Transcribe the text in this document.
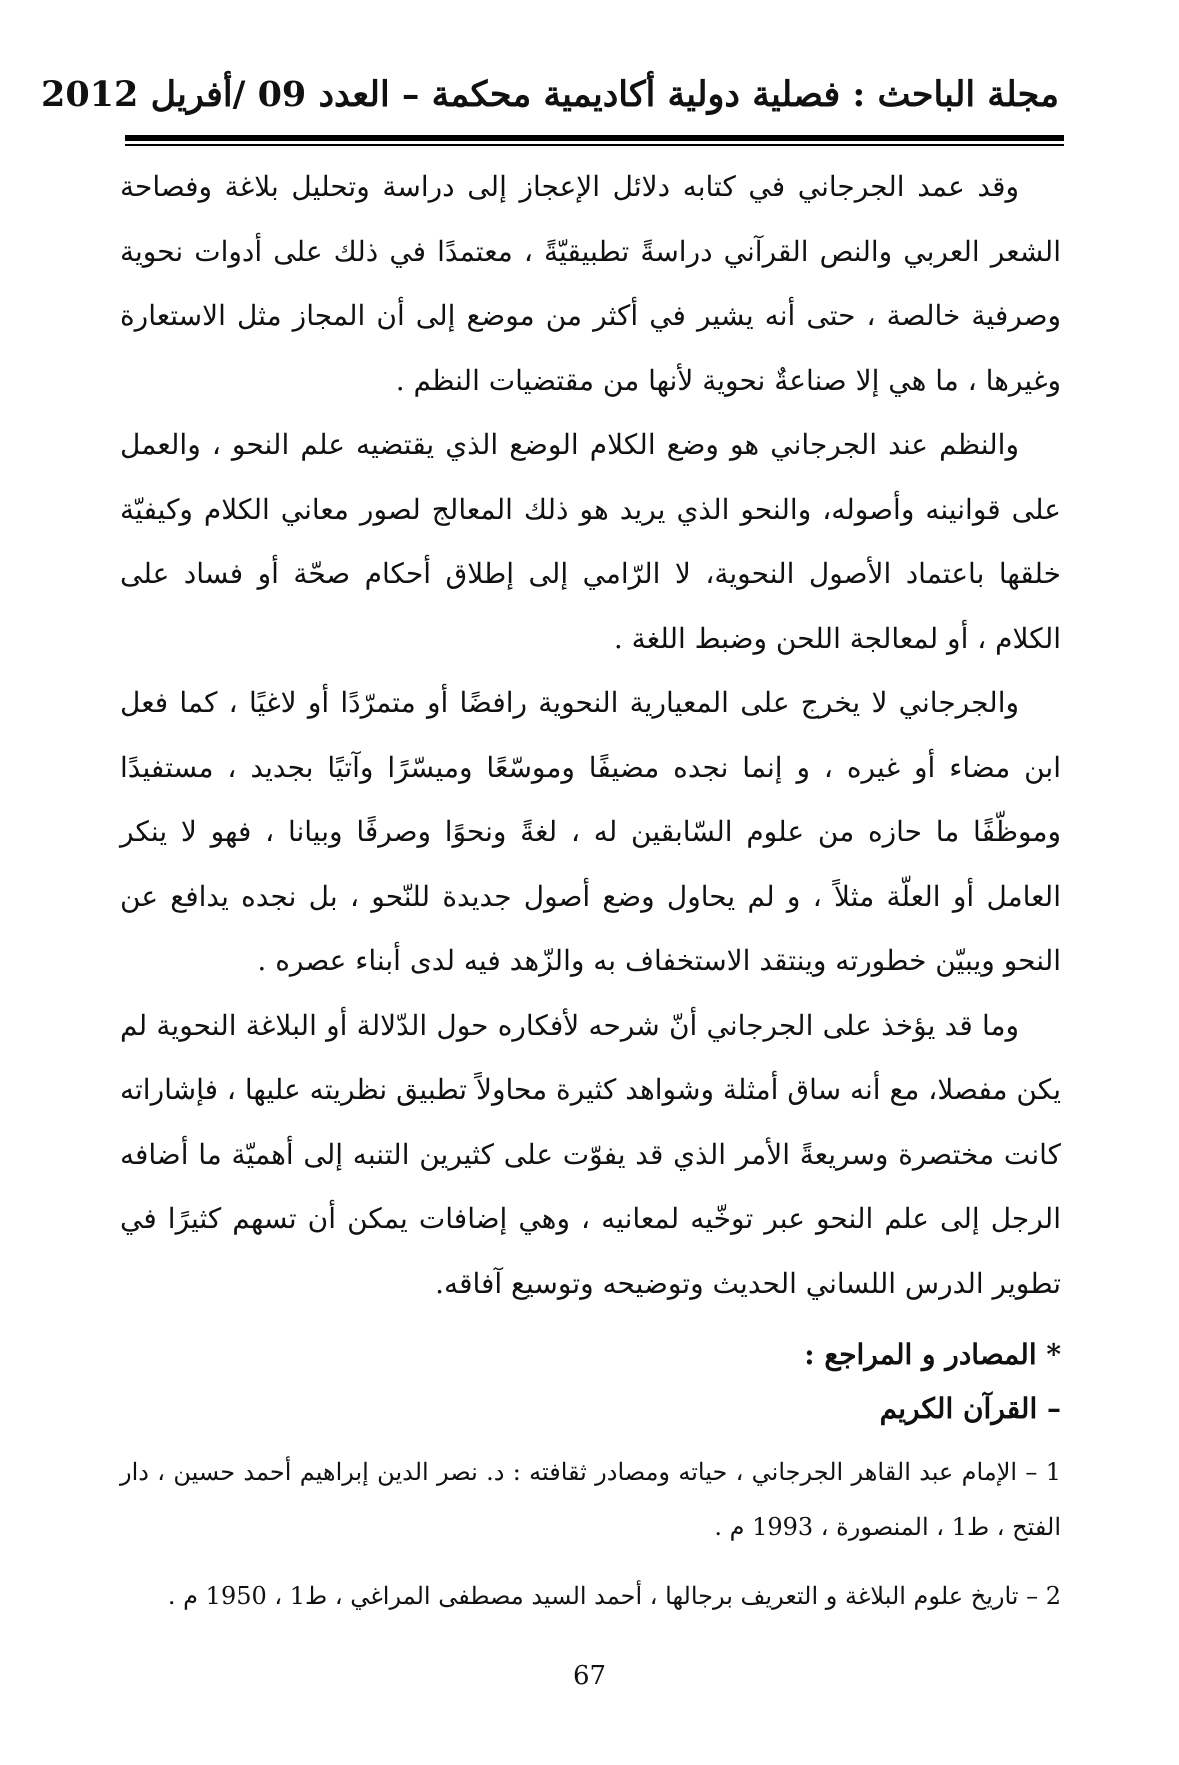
مجلة الباحث : فصلية دولية أكاديمية محكمة – العدد 09 /أفريل 2012

وقد عمد الجرجاني في كتابه دلائل الإعجاز إلى دراسة وتحليل بلاغة وفصاحة الشعر العربي والنص القرآني دراسةً تطبيقيّةً ، معتمدًا في ذلك على أدوات نحوية وصرفية خالصة ، حتى أنه يشير في أكثر من موضع إلى أن المجاز مثل الاستعارة وغيرها ، ما هي إلا صناعةٌ نحوية لأنها من مقتضيات النظم .

والنظم عند الجرجاني هو وضع الكلام الوضع الذي يقتضيه علم النحو ، والعمل على قوانينه وأصوله، والنحو الذي يريد هو ذلك المعالج لصور معاني الكلام وكيفيّة خلقها باعتماد الأصول النحوية، لا الرّامي إلى إطلاق أحكام صحّة أو فساد على الكلام ، أو لمعالجة اللحن وضبط اللغة .

والجرجاني لا يخرج على المعيارية النحوية رافضًا أو متمرّدًا أو لاغيًا ، كما فعل ابن مضاء أو غيره ، و إنما نجده مضيفًا وموسّعًا وميسّرًا وآتيًا بجديد ، مستفيدًا وموظّفًا ما حازه من علوم السّابقين له ، لغةً ونحوًا وصرفًا وبيانا ، فهو لا ينكر العامل أو العلّة مثلاً ، و لم يحاول وضع أصول جديدة للنّحو ، بل نجده يدافع عن النحو ويبيّن خطورته وينتقد الاستخفاف به والزّهد فيه لدى أبناء عصره .

وما قد يؤخذ على الجرجاني أنّ شرحه لأفكاره حول الدّلالة أو البلاغة النحوية لم يكن مفصلا، مع أنه ساق أمثلة وشواهد كثيرة محاولاً تطبيق نظريته عليها ، فإشاراته كانت مختصرة وسريعةً الأمر الذي قد يفوّت على كثيرين التنبه إلى أهميّة ما أضافه الرجل إلى علم النحو عبر توخّيه لمعانيه ، وهي إضافات يمكن أن تسهم كثيرًا في تطوير الدرس اللساني الحديث وتوضيحه وتوسيع آفاقه.

* المصادر و المراجع :
– القرآن الكريم

1 – الإمام عبد القاهر الجرجاني ، حياته ومصادر ثقافته : د. نصر الدين إبراهيم أحمد حسين ، دار الفتح ، ط1 ، المنصورة ، 1993 م .

2 – تاريخ علوم البلاغة و التعريف برجالها ، أحمد السيد مصطفى المراغي ، ط1 ، 1950 م .

67
